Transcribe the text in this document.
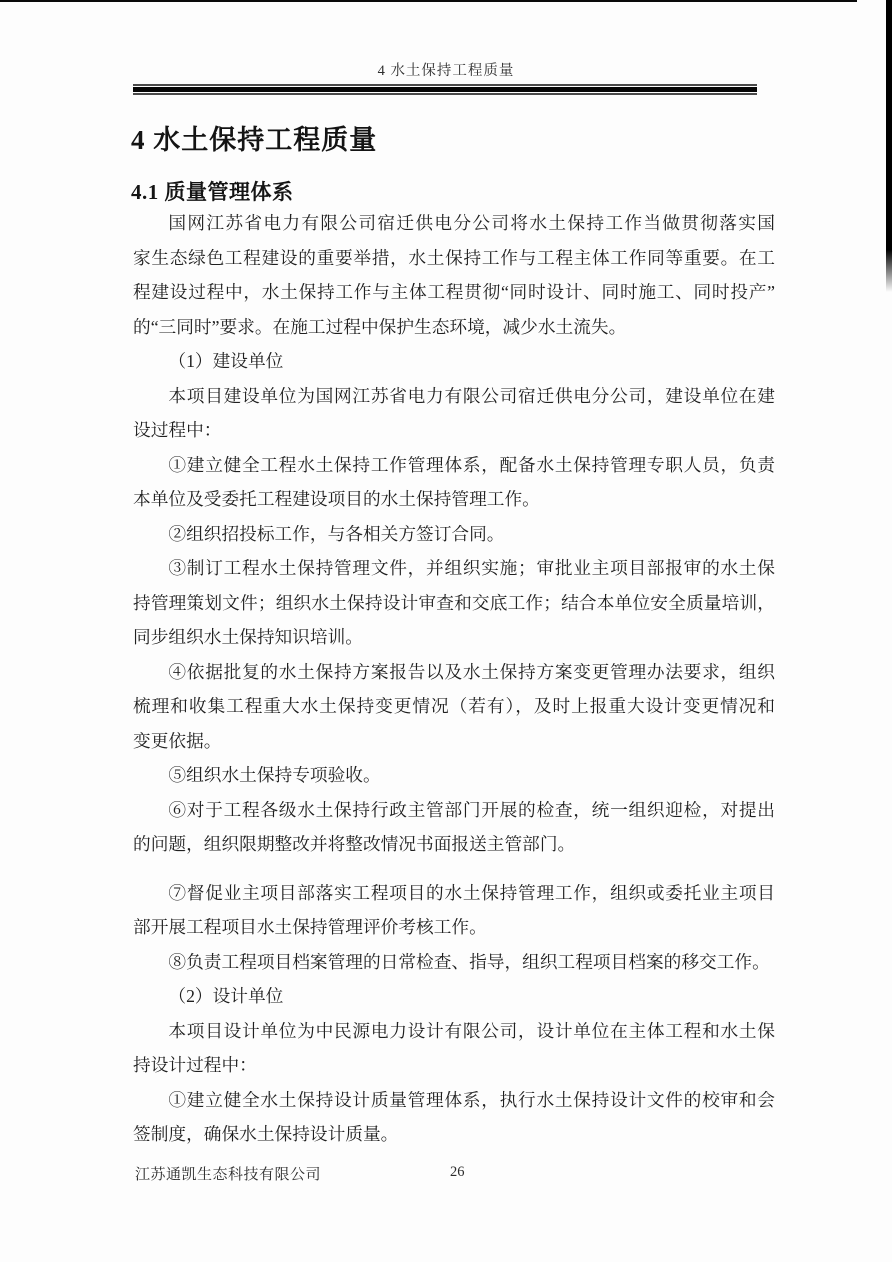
4 水土保持工程质量
4 水土保持工程质量
4.1 质量管理体系
国网江苏省电力有限公司宿迁供电分公司将水土保持工作当做贯彻落实国
家生态绿色工程建设的重要举措，水土保持工作与工程主体工作同等重要。在工
程建设过程中，水土保持工作与主体工程贯彻“同时设计、同时施工、同时投产”
的“三同时”要求。在施工过程中保护生态环境，减少水土流失。
（1）建设单位
本项目建设单位为国网江苏省电力有限公司宿迁供电分公司，建设单位在建
设过程中：
①建立健全工程水土保持工作管理体系，配备水土保持管理专职人员，负责
本单位及受委托工程建设项目的水土保持管理工作。
②组织招投标工作，与各相关方签订合同。
③制订工程水土保持管理文件，并组织实施；审批业主项目部报审的水土保
持管理策划文件；组织水土保持设计审查和交底工作；结合本单位安全质量培训，
同步组织水土保持知识培训。
④依据批复的水土保持方案报告以及水土保持方案变更管理办法要求，组织
梳理和收集工程重大水土保持变更情况（若有），及时上报重大设计变更情况和
变更依据。
⑤组织水土保持专项验收。
⑥对于工程各级水土保持行政主管部门开展的检查，统一组织迎检，对提出
的问题，组织限期整改并将整改情况书面报送主管部门。
⑦督促业主项目部落实工程项目的水土保持管理工作，组织或委托业主项目
部开展工程项目水土保持管理评价考核工作。
⑧负责工程项目档案管理的日常检查、指导，组织工程项目档案的移交工作。
（2）设计单位
本项目设计单位为中民源电力设计有限公司，设计单位在主体工程和水土保
持设计过程中：
①建立健全水土保持设计质量管理体系，执行水土保持设计文件的校审和会
签制度，确保水土保持设计质量。
江苏通凯生态科技有限公司	26
